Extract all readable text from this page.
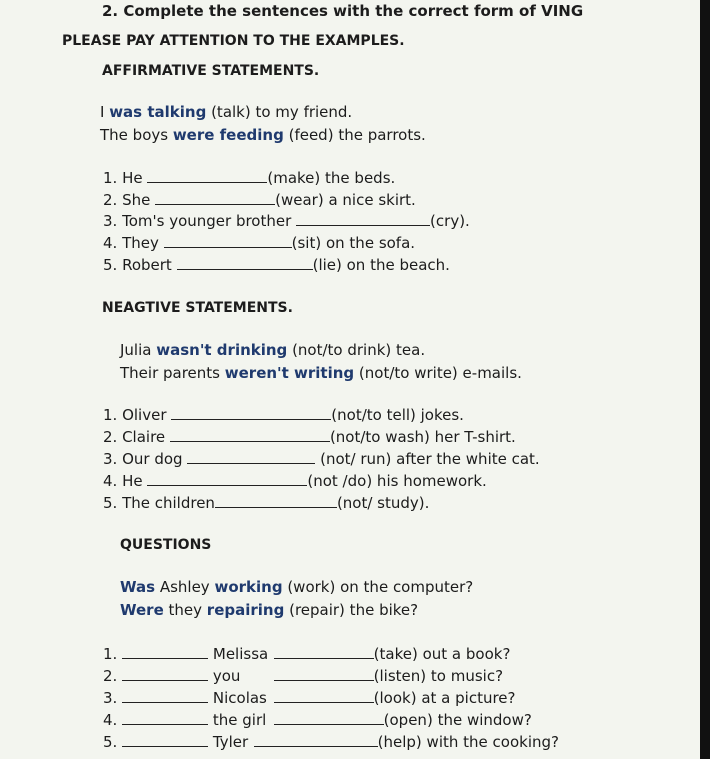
2. Complete the sentences with the correct form of VING
PLEASE PAY ATTENTION TO THE EXAMPLES.
AFFIRMATIVE STATEMENTS.
I was talking (talk) to my friend.
The boys were feeding (feed) the parrots.
1. He	(make) the beds.
2. She	(wear) a nice skirt.
3. Tom's younger brother	(cry).
4. They	(sit) on the sofa.
5. Robert	(lie) on the beach.
NEAGTIVE STATEMENTS.
Julia wasn't drinking (not/to drink) tea.
Their parents weren't writing (not/to write) e-mails.
1. Oliver	(not/to tell) jokes.
2. Claire	(not/to wash) her T-shirt.
3. Our dog	(not/ run) after the white cat.
4. He	(not /do) his homework.
5. The children	(not/ study).
QUESTIONS
Was Ashley working (work) on the computer?
Were they repairing (repair) the bike?
1.	Melissa	(take) out a book?
2.	you	(listen) to music?
3.	Nicolas	(look) at a picture?
4.	the girl	(open) the window?
5.	Tyler	(help) with the cooking?
